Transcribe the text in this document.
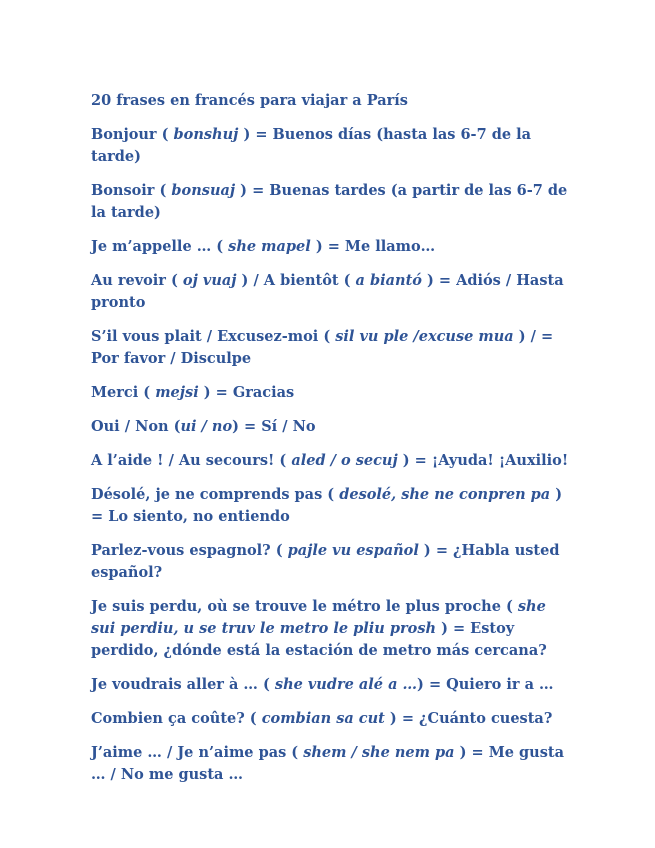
20 frases en francés para viajar a París

Bonjour ( bonshuj ) = Buenos días (hasta las 6-7 de la tarde)

Bonsoir ( bonsuaj ) = Buenas tardes (a partir de las 6-7 de la tarde)

Je m’appelle … ( she mapel ) = Me llamo…

Au revoir ( oj vuaj ) / A bientôt ( a biantó ) = Adiós / Hasta pronto

S’il vous plait / Excusez-moi ( sil vu ple /excuse mua ) / = Por favor / Disculpe

Merci ( mejsi ) = Gracias

Oui / Non (ui / no) = Sí / No

A l’aide ! / Au secours! ( aled / o secuj ) = ¡Ayuda! ¡Auxilio!

Désolé, je ne comprends pas ( desolé, she ne conpren pa ) = Lo siento, no entiendo

Parlez-vous espagnol? ( pajle vu español ) = ¿Habla usted español?

Je suis perdu, où se trouve le métro le plus proche ( she sui perdiu, u se truv le metro le pliu prosh ) = Estoy perdido, ¿dónde está la estación de metro más cercana?

Je voudrais aller à … ( she vudre alé a …) = Quiero ir a …

Combien ça coûte? ( combian sa cut ) = ¿Cuánto cuesta?

J’aime … / Je n’aime pas ( shem / she nem pa ) = Me gusta … / No me gusta …
